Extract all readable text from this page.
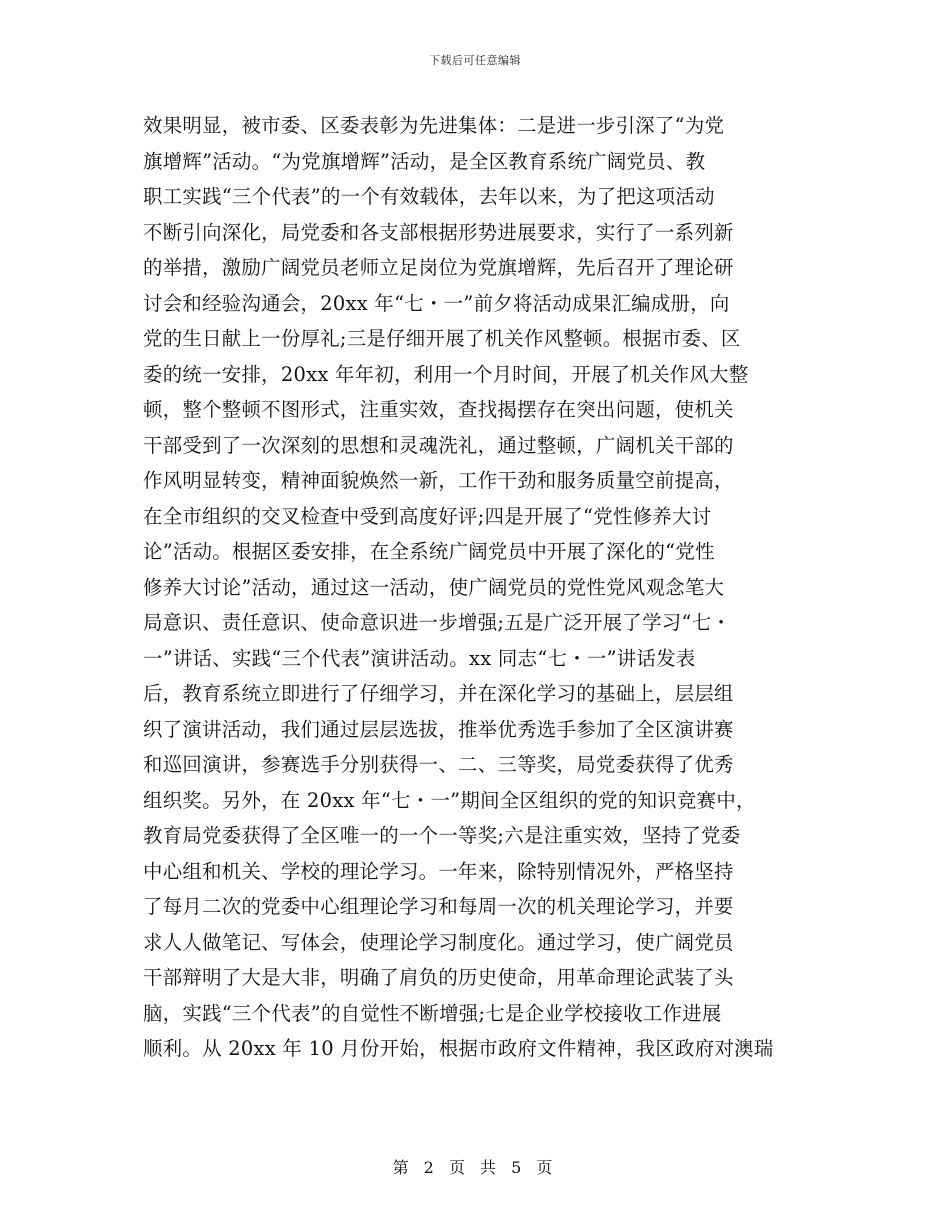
下载后可任意编辑
效果明显，被市委、区委表彰为先进集体：二是进一步引深了“为党
旗增辉”活动。“为党旗增辉”活动，是全区教育系统广阔党员、教
职工实践“三个代表”的一个有效载体，去年以来，为了把这项活动
不断引向深化，局党委和各支部根据形势进展要求，实行了一系列新
的举措，激励广阔党员老师立足岗位为党旗增辉，先后召开了理论研
讨会和经验沟通会，20xx 年“七・一”前夕将活动成果汇编成册，向
党的生日献上一份厚礼;三是仔细开展了机关作风整顿。根据市委、区
委的统一安排，20xx 年年初，利用一个月时间，开展了机关作风大整
顿，整个整顿不图形式，注重实效，查找揭摆存在突出问题，使机关
干部受到了一次深刻的思想和灵魂洗礼，通过整顿，广阔机关干部的
作风明显转变，精神面貌焕然一新，工作干劲和服务质量空前提高，
在全市组织的交叉检查中受到高度好评;四是开展了“党性修养大讨
论”活动。根据区委安排，在全系统广阔党员中开展了深化的“党性
修养大讨论”活动，通过这一活动，使广阔党员的党性党风观念笔大
局意识、责任意识、使命意识进一步增强;五是广泛开展了学习“七・
一”讲话、实践“三个代表”演讲活动。xx 同志“七・一”讲话发表
后，教育系统立即进行了仔细学习，并在深化学习的基础上，层层组
织了演讲活动，我们通过层层选拔，推举优秀选手参加了全区演讲赛
和巡回演讲，参赛选手分别获得一、二、三等奖，局党委获得了优秀
组织奖。另外，在 20xx 年“七・一”期间全区组织的党的知识竞赛中，
教育局党委获得了全区唯一的一个一等奖;六是注重实效，坚持了党委
中心组和机关、学校的理论学习。一年来，除特别情况外，严格坚持
了每月二次的党委中心组理论学习和每周一次的机关理论学习，并要
求人人做笔记、写体会，使理论学习制度化。通过学习，使广阔党员
干部辩明了大是大非，明确了肩负的历史使命，用革命理论武装了头
脑，实践“三个代表”的自觉性不断增强;七是企业学校接收工作进展
顺利。从 20xx 年 10 月份开始，根据市政府文件精神，我区政府对澳瑞
第 2 页 共 5 页
